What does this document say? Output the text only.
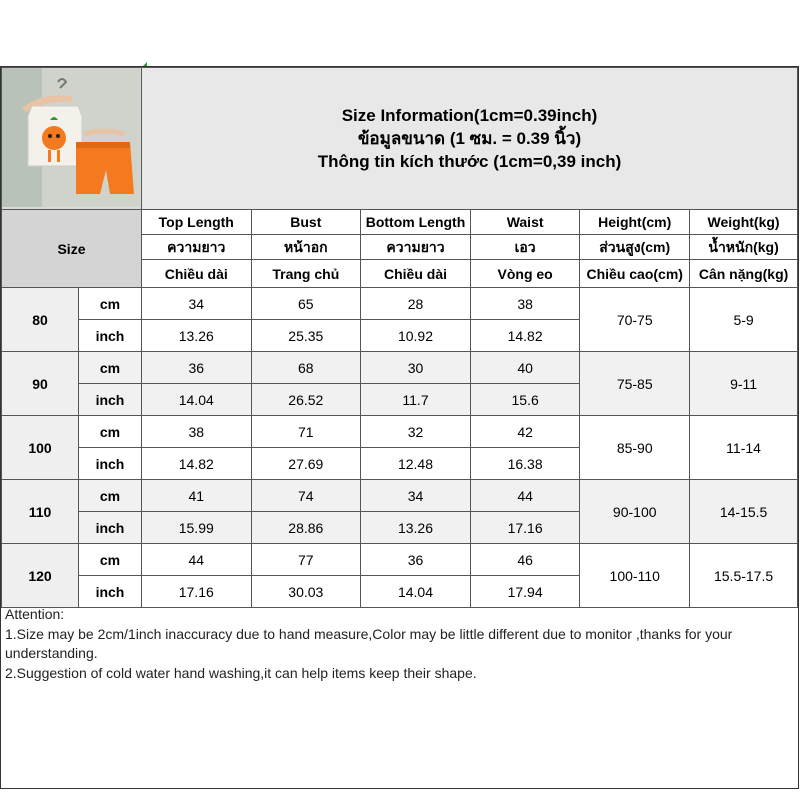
Size Information(1cm=0.39inch)
ข้อมูลขนาด (1 ซม. = 0.39 นิ้ว)
Thông tin kích thước (1cm=0,39 inch)					

Size		Top Length	Bust	Bottom Length	Waist	Height(cm)	Weight(kg)
		ความยาว	หน้าอก	ความยาว	เอว	ส่วนสูง(cm)	น้ำหนัก(kg)
		Chiều dài	Trang chủ	Chiều dài	Vòng eo	Chiều cao(cm)	Cân nặng(kg)
80	cm	34	65	28	38	70-75	5-9
	inch	13.26	25.35	10.92	14.82		
90	cm	36	68	30	40	75-85	9-11
	inch	14.04	26.52	11.7	15.6		
100	cm	38	71	32	42	85-90	11-14
	inch	14.82	27.69	12.48	16.38		
110	cm	41	74	34	44	90-100	14-15.5
	inch	15.99	28.86	13.26	17.16		
120	cm	44	77	36	46	100-110	15.5-17.5
	inch	17.16	30.03	14.04	17.94		
Attention:
1.Size may be 2cm/1inch inaccuracy due to hand measure,Color may be little different due to monitor ,thanks for your understanding.
2.Suggestion of cold water hand washing,it can help items keep their shape.
